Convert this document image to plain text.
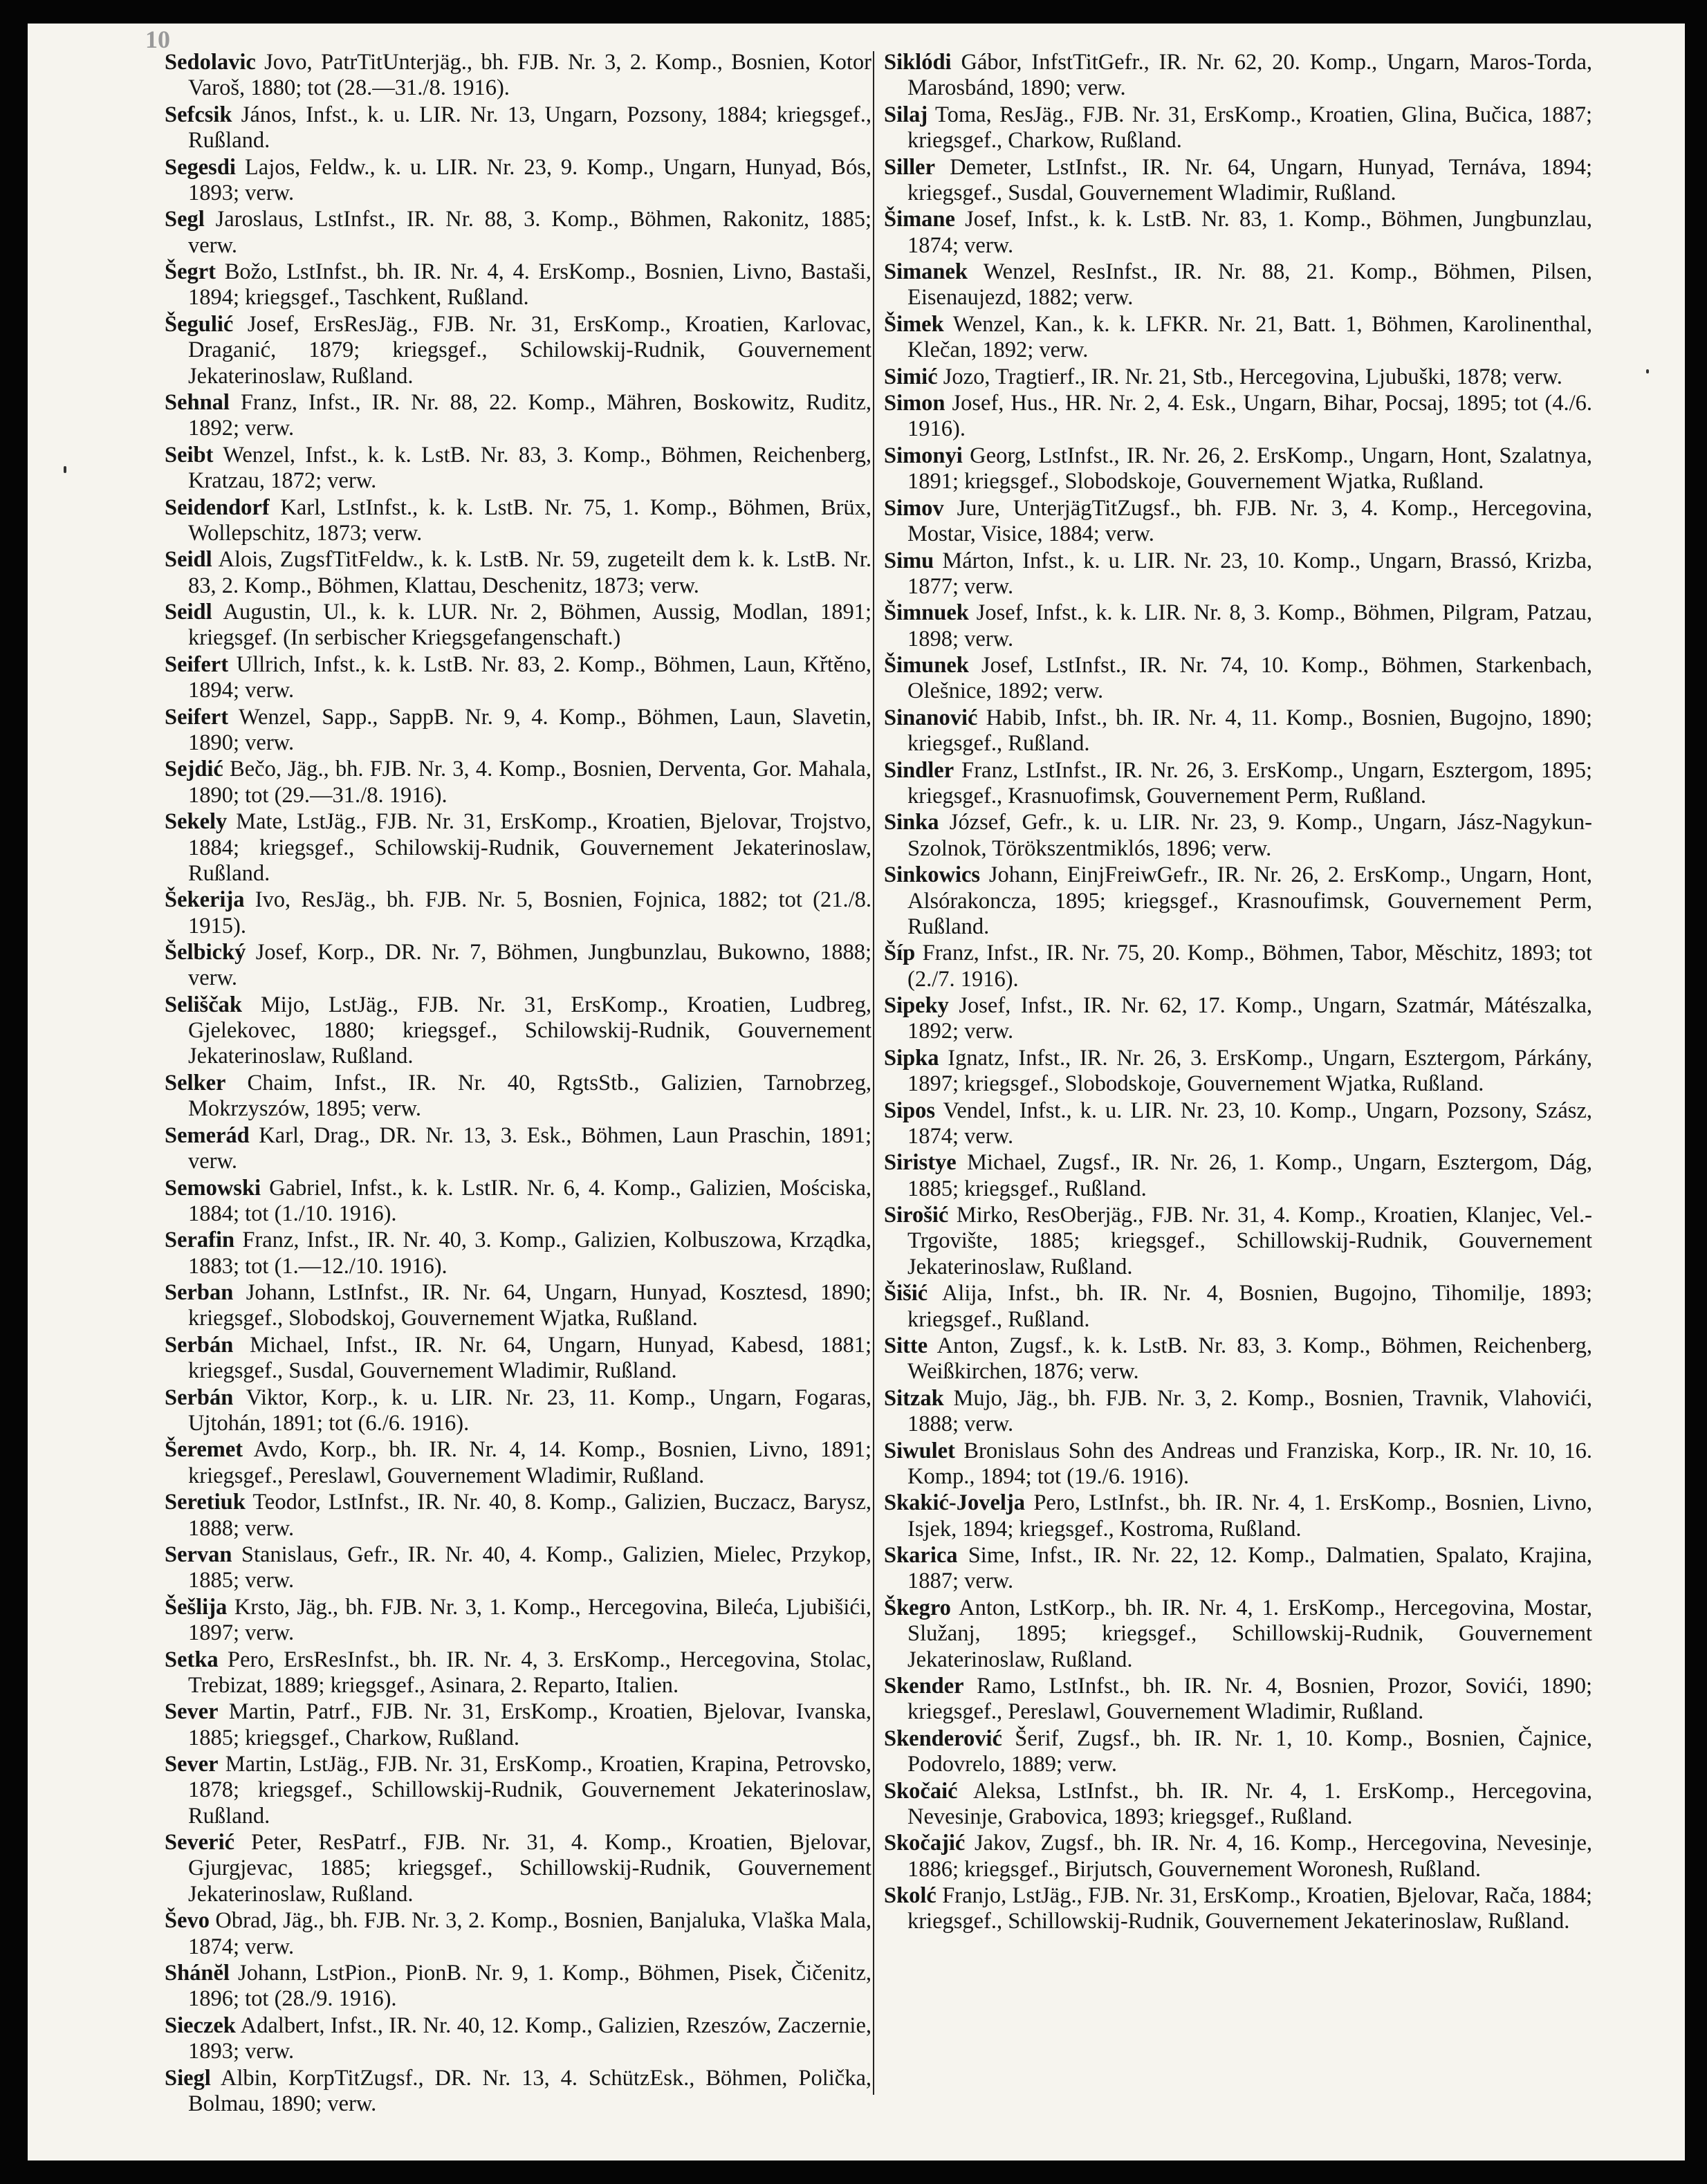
10
Sedolavic Jovo, PatrTitUnterjäg., bh. FJB. Nr. 3, 2. Komp., Bosnien, Kotor Varoš, 1880; tot (28.—31./8. 1916).
Sefcsik János, Infst., k. u. LIR. Nr. 13, Ungarn, Pozsony, 1884; kriegsgef., Rußland.
Segesdi Lajos, Feldw., k. u. LIR. Nr. 23, 9. Komp., Ungarn, Hunyad, Bós, 1893; verw.
Segl Jaroslaus, LstInfst., IR. Nr. 88, 3. Komp., Böhmen, Rakonitz, 1885; verw.
Šegrt Božo, LstInfst., bh. IR. Nr. 4, 4. ErsKomp., Bosnien, Livno, Bastaši, 1894; kriegsgef., Taschkent, Rußland.
Šegulić Josef, ErsResJäg., FJB. Nr. 31, ErsKomp., Kroatien, Karlovac, Draganić, 1879; kriegsgef., Schilowskij-Rudnik, Gouvernement Jekaterinoslaw, Rußland.
Sehnal Franz, Infst., IR. Nr. 88, 22. Komp., Mähren, Boskowitz, Ruditz, 1892; verw.
Seibt Wenzel, Infst., k. k. LstB. Nr. 83, 3. Komp., Böhmen, Reichenberg, Kratzau, 1872; verw.
Seidendorf Karl, LstInfst., k. k. LstB. Nr. 75, 1. Komp., Böhmen, Brüx, Wollepschitz, 1873; verw.
Seidl Alois, ZugsfTitFeldw., k. k. LstB. Nr. 59, zugeteilt dem k. k. LstB. Nr. 83, 2. Komp., Böhmen, Klattau, Deschenitz, 1873; verw.
Seidl Augustin, Ul., k. k. LUR. Nr. 2, Böhmen, Aussig, Modlan, 1891; kriegsgef. (In serbischer Kriegsgefangenschaft.)
Seifert Ullrich, Infst., k. k. LstB. Nr. 83, 2. Komp., Böhmen, Laun, Křtěno, 1894; verw.
Seifert Wenzel, Sapp., SappB. Nr. 9, 4. Komp., Böhmen, Laun, Slavetin, 1890; verw.
Sejdić Bečo, Jäg., bh. FJB. Nr. 3, 4. Komp., Bosnien, Derventa, Gor. Mahala, 1890; tot (29.—31./8. 1916).
Sekely Mate, LstJäg., FJB. Nr. 31, ErsKomp., Kroatien, Bjelovar, Trojstvo, 1884; kriegsgef., Schilowskij-Rudnik, Gouvernement Jekaterinoslaw, Rußland.
Šekerija Ivo, ResJäg., bh. FJB. Nr. 5, Bosnien, Fojnica, 1882; tot (21./8. 1915).
Šelbický Josef, Korp., DR. Nr. 7, Böhmen, Jungbunzlau, Bukowno, 1888; verw.
Seliščak Mijo, LstJäg., FJB. Nr. 31, ErsKomp., Kroatien, Ludbreg, Gjelekovec, 1880; kriegsgef., Schilowskij-Rudnik, Gouvernement Jekaterinoslaw, Rußland.
Selker Chaim, Infst., IR. Nr. 40, RgtsStb., Galizien, Tarnobrzeg, Mokrzyszów, 1895; verw.
Semerád Karl, Drag., DR. Nr. 13, 3. Esk., Böhmen, Laun Praschin, 1891; verw.
Semowski Gabriel, Infst., k. k. LstIR. Nr. 6, 4. Komp., Galizien, Mościska, 1884; tot (1./10. 1916).
Serafin Franz, Infst., IR. Nr. 40, 3. Komp., Galizien, Kolbuszowa, Krządka, 1883; tot (1.—12./10. 1916).
Serban Johann, LstInfst., IR. Nr. 64, Ungarn, Hunyad, Kosztesd, 1890; kriegsgef., Slobodskoj, Gouvernement Wjatka, Rußland.
Serbán Michael, Infst., IR. Nr. 64, Ungarn, Hunyad, Kabesd, 1881; kriegsgef., Susdal, Gouvernement Wladimir, Rußland.
Serbán Viktor, Korp., k. u. LIR. Nr. 23, 11. Komp., Ungarn, Fogaras, Ujtohán, 1891; tot (6./6. 1916).
Šeremet Avdo, Korp., bh. IR. Nr. 4, 14. Komp., Bosnien, Livno, 1891; kriegsgef., Pereslawl, Gouvernement Wladimir, Rußland.
Seretiuk Teodor, LstInfst., IR. Nr. 40, 8. Komp., Galizien, Buczacz, Barysz, 1888; verw.
Servan Stanislaus, Gefr., IR. Nr. 40, 4. Komp., Galizien, Mielec, Przykop, 1885; verw.
Šešlija Krsto, Jäg., bh. FJB. Nr. 3, 1. Komp., Hercegovina, Bileća, Ljubišići, 1897; verw.
Setka Pero, ErsResInfst., bh. IR. Nr. 4, 3. ErsKomp., Hercegovina, Stolac, Trebizat, 1889; kriegsgef., Asinara, 2. Reparto, Italien.
Sever Martin, Patrf., FJB. Nr. 31, ErsKomp., Kroatien, Bjelovar, Ivanska, 1885; kriegsgef., Charkow, Rußland.
Sever Martin, LstJäg., FJB. Nr. 31, ErsKomp., Kroatien, Krapina, Petrovsko, 1878; kriegsgef., Schillowskij-Rudnik, Gouvernement Jekaterinoslaw, Rußland.
Severić Peter, ResPatrf., FJB. Nr. 31, 4. Komp., Kroatien, Bjelovar, Gjurgjevac, 1885; kriegsgef., Schillowskij-Rudnik, Gouvernement Jekaterinoslaw, Rußland.
Ševo Obrad, Jäg., bh. FJB. Nr. 3, 2. Komp., Bosnien, Banjaluka, Vlaška Mala, 1874; verw.
Shánĕl Johann, LstPion., PionB. Nr. 9, 1. Komp., Böhmen, Pisek, Čičenitz, 1896; tot (28./9. 1916).
Sieczek Adalbert, Infst., IR. Nr. 40, 12. Komp., Galizien, Rzeszów, Zaczernie, 1893; verw.
Siegl Albin, KorpTitZugsf., DR. Nr. 13, 4. SchützEsk., Böhmen, Polička, Bolmau, 1890; verw.
Siklódi Gábor, InfstTitGefr., IR. Nr. 62, 20. Komp., Ungarn, Maros-Torda, Marosbánd, 1890; verw.
Silaj Toma, ResJäg., FJB. Nr. 31, ErsKomp., Kroatien, Glina, Bučica, 1887; kriegsgef., Charkow, Rußland.
Siller Demeter, LstInfst., IR. Nr. 64, Ungarn, Hunyad, Ternáva, 1894; kriegsgef., Susdal, Gouvernement Wladimir, Rußland.
Šimane Josef, Infst., k. k. LstB. Nr. 83, 1. Komp., Böhmen, Jungbunzlau, 1874; verw.
Simanek Wenzel, ResInfst., IR. Nr. 88, 21. Komp., Böhmen, Pilsen, Eisenaujezd, 1882; verw.
Šimek Wenzel, Kan., k. k. LFKR. Nr. 21, Batt. 1, Böhmen, Karolinenthal, Klečan, 1892; verw.
Simić Jozo, Tragtierf., IR. Nr. 21, Stb., Hercegovina, Ljubuški, 1878; verw.
Simon Josef, Hus., HR. Nr. 2, 4. Esk., Ungarn, Bihar, Pocsaj, 1895; tot (4./6. 1916).
Simonyi Georg, LstInfst., IR. Nr. 26, 2. ErsKomp., Ungarn, Hont, Szalatnya, 1891; kriegsgef., Slobodskoje, Gouvernement Wjatka, Rußland.
Simov Jure, UnterjägTitZugsf., bh. FJB. Nr. 3, 4. Komp., Hercegovina, Mostar, Visice, 1884; verw.
Simu Márton, Infst., k. u. LIR. Nr. 23, 10. Komp., Ungarn, Brassó, Krizba, 1877; verw.
Šimnuek Josef, Infst., k. k. LIR. Nr. 8, 3. Komp., Böhmen, Pilgram, Patzau, 1898; verw.
Šimunek Josef, LstInfst., IR. Nr. 74, 10. Komp., Böhmen, Starkenbach, Olešnice, 1892; verw.
Sinanović Habib, Infst., bh. IR. Nr. 4, 11. Komp., Bosnien, Bugojno, 1890; kriegsgef., Rußland.
Sindler Franz, LstInfst., IR. Nr. 26, 3. ErsKomp., Ungarn, Esztergom, 1895; kriegsgef., Krasnuofimsk, Gouvernement Perm, Rußland.
Sinka József, Gefr., k. u. LIR. Nr. 23, 9. Komp., Ungarn, Jász-Nagykun-Szolnok, Törökszentmiklós, 1896; verw.
Sinkowics Johann, EinjFreiwGefr., IR. Nr. 26, 2. ErsKomp., Ungarn, Hont, Alsórakoncza, 1895; kriegsgef., Krasnoufimsk, Gouvernement Perm, Rußland.
Šíp Franz, Infst., IR. Nr. 75, 20. Komp., Böhmen, Tabor, Měschitz, 1893; tot (2./7. 1916).
Sipeky Josef, Infst., IR. Nr. 62, 17. Komp., Ungarn, Szatmár, Mátészalka, 1892; verw.
Sipka Ignatz, Infst., IR. Nr. 26, 3. ErsKomp., Ungarn, Esztergom, Párkány, 1897; kriegsgef., Slobodskoje, Gouvernement Wjatka, Rußland.
Sipos Vendel, Infst., k. u. LIR. Nr. 23, 10. Komp., Ungarn, Pozsony, Szász, 1874; verw.
Siristye Michael, Zugsf., IR. Nr. 26, 1. Komp., Ungarn, Esztergom, Dág, 1885; kriegsgef., Rußland.
Sirošić Mirko, ResOberjäg., FJB. Nr. 31, 4. Komp., Kroatien, Klanjec, Vel.-Trgovište, 1885; kriegsgef., Schillowskij-Rudnik, Gouvernement Jekaterinoslaw, Rußland.
Šišić Alija, Infst., bh. IR. Nr. 4, Bosnien, Bugojno, Tihomilje, 1893; kriegsgef., Rußland.
Sitte Anton, Zugsf., k. k. LstB. Nr. 83, 3. Komp., Böhmen, Reichenberg, Weißkirchen, 1876; verw.
Sitzak Mujo, Jäg., bh. FJB. Nr. 3, 2. Komp., Bosnien, Travnik, Vlahovići, 1888; verw.
Siwulet Bronislaus Sohn des Andreas und Franziska, Korp., IR. Nr. 10, 16. Komp., 1894; tot (19./6. 1916).
Skakić-Jovelja Pero, LstInfst., bh. IR. Nr. 4, 1. ErsKomp., Bosnien, Livno, Isjek, 1894; kriegsgef., Kostroma, Rußland.
Skarica Sime, Infst., IR. Nr. 22, 12. Komp., Dalmatien, Spalato, Krajina, 1887; verw.
Škegro Anton, LstKorp., bh. IR. Nr. 4, 1. ErsKomp., Hercegovina, Mostar, Služanj, 1895; kriegsgef., Schillowskij-Rudnik, Gouvernement Jekaterinoslaw, Rußland.
Skender Ramo, LstInfst., bh. IR. Nr. 4, Bosnien, Prozor, Sovići, 1890; kriegsgef., Pereslawl, Gouvernement Wladimir, Rußland.
Skenderović Šerif, Zugsf., bh. IR. Nr. 1, 10. Komp., Bosnien, Čajnice, Podovrelo, 1889; verw.
Skočaić Aleksa, LstInfst., bh. IR. Nr. 4, 1. ErsKomp., Hercegovina, Nevesinje, Grabovica, 1893; kriegsgef., Rußland.
Skočajić Jakov, Zugsf., bh. IR. Nr. 4, 16. Komp., Hercegovina, Nevesinje, 1886; kriegsgef., Birjutsch, Gouvernement Woronesh, Rußland.
Skolć Franjo, LstJäg., FJB. Nr. 31, ErsKomp., Kroatien, Bjelovar, Rača, 1884; kriegsgef., Schillowskij-Rudnik, Gouvernement Jekaterinoslaw, Rußland.
